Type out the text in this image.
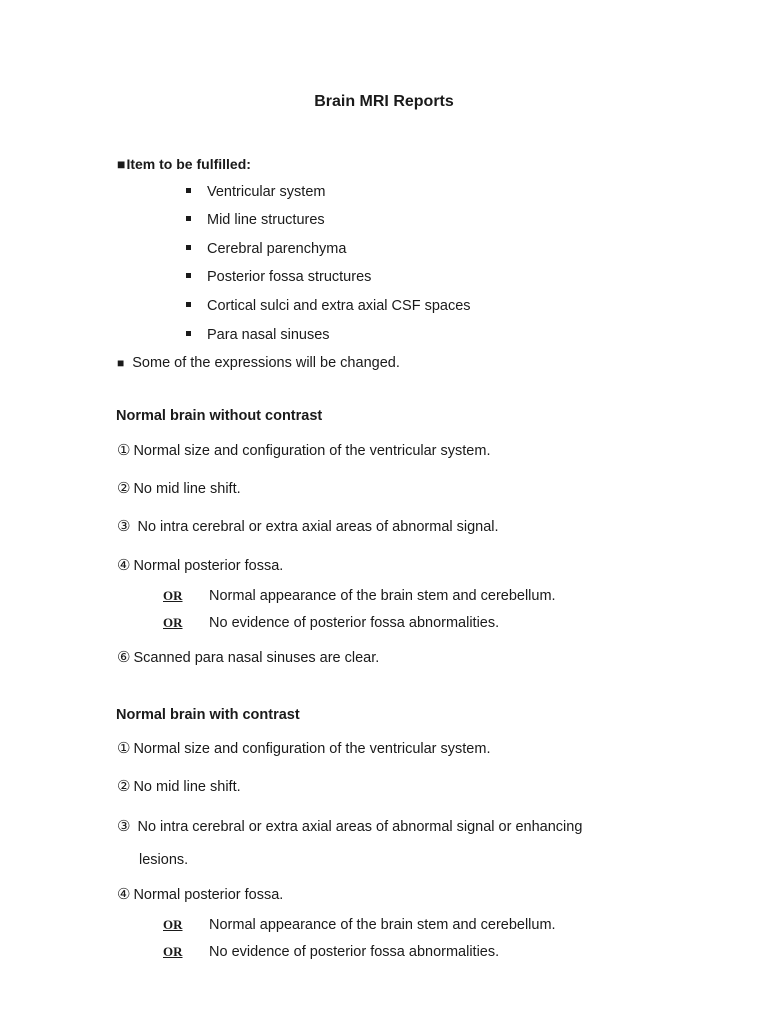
Brain MRI Reports
■Item to be fulfilled:
Ventricular system
Mid line structures
Cerebral parenchyma
Posterior fossa structures
Cortical sulci and extra axial CSF spaces
Para nasal sinuses
■ Some of the expressions will be changed.
Normal brain without contrast
① Normal size and configuration of the ventricular system.
② No mid line shift.
③ No intra cerebral or extra axial areas of abnormal signal.
④ Normal posterior fossa.
OR Normal appearance of the brain stem and cerebellum.
OR No evidence of posterior fossa abnormalities.
⑥ Scanned para nasal sinuses are clear.
Normal brain with contrast
① Normal size and configuration of the ventricular system.
② No mid line shift.
③ No intra cerebral or extra axial areas of abnormal signal or enhancing
lesions.
④ Normal posterior fossa.
OR Normal appearance of the brain stem and cerebellum.
OR No evidence of posterior fossa abnormalities.
